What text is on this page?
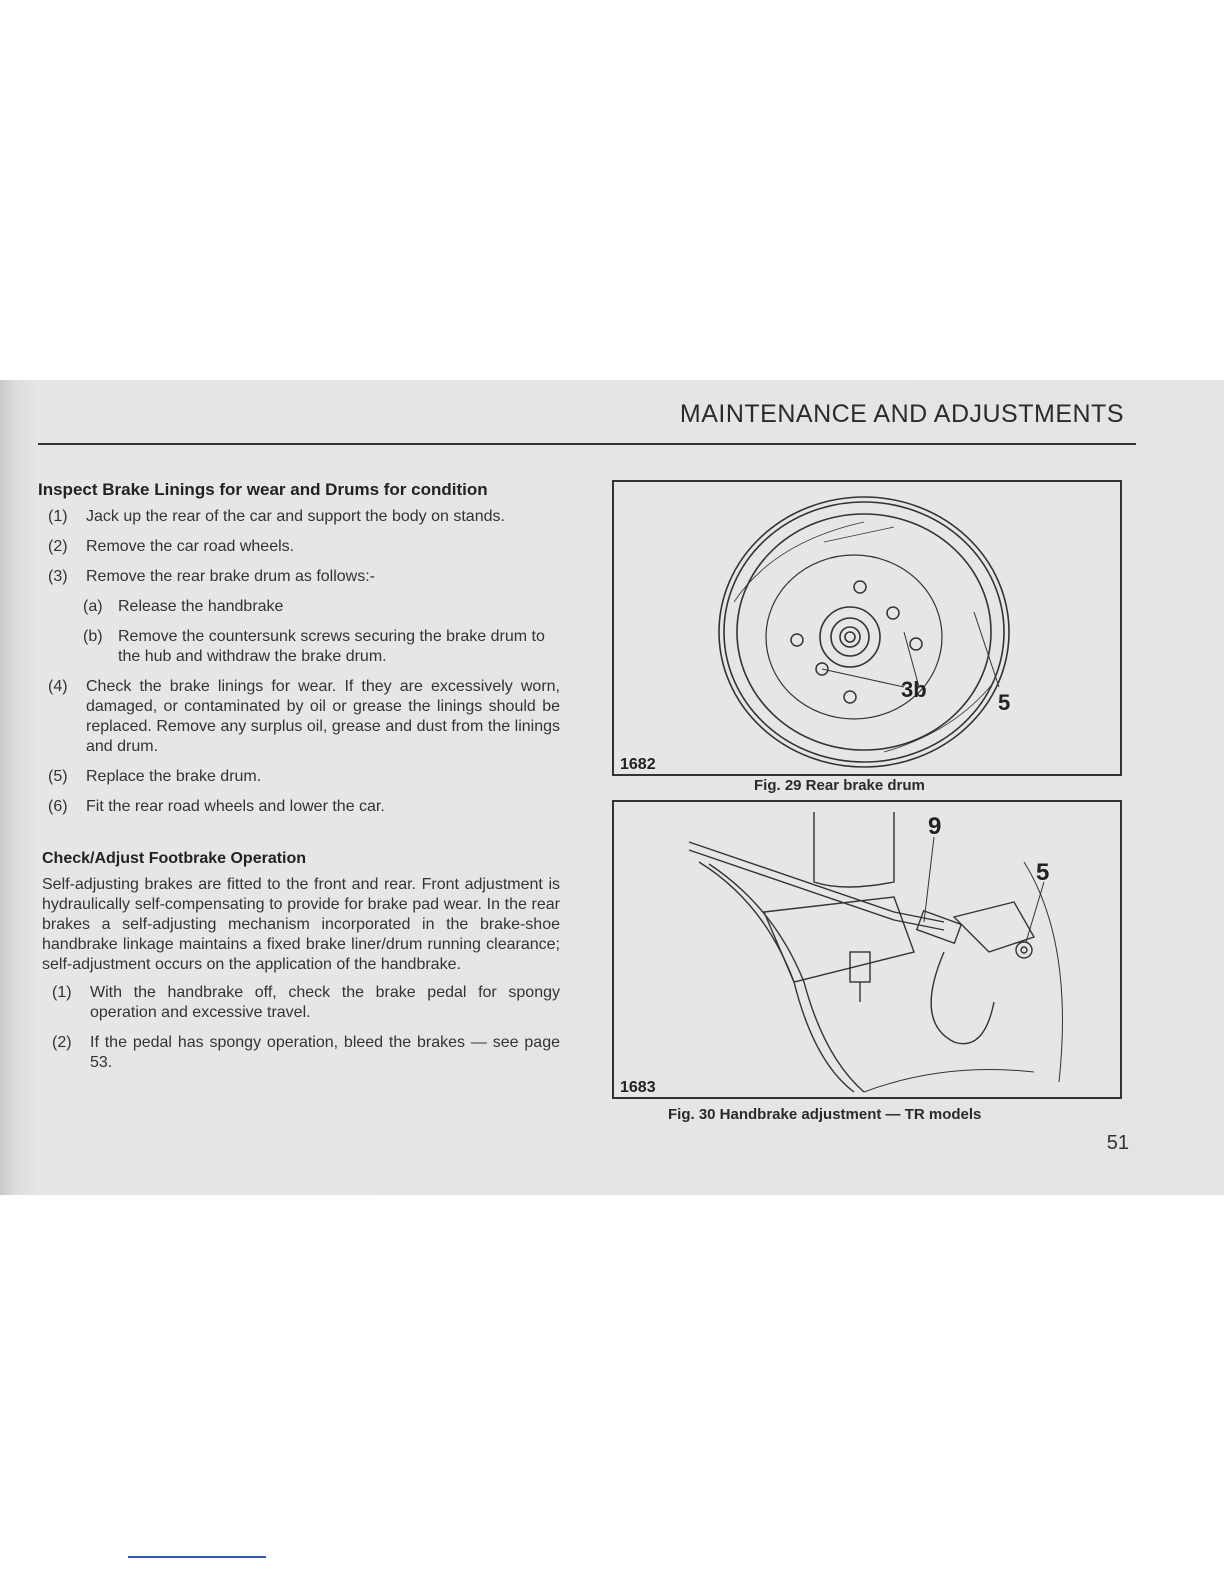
MAINTENANCE AND ADJUSTMENTS
Inspect Brake Linings for wear and Drums for condition
(1) Jack up the rear of the car and support the body on stands.
(2) Remove the car road wheels.
(3) Remove the rear brake drum as follows:-
(a) Release the handbrake
(b) Remove the countersunk screws securing the brake drum to the hub and withdraw the brake drum.
(4) Check the brake linings for wear. If they are excessively worn, damaged, or contaminated by oil or grease the linings should be replaced. Remove any surplus oil, grease and dust from the linings and drum.
(5) Replace the brake drum.
(6) Fit the rear road wheels and lower the car.
Check/Adjust Footbrake Operation
Self-adjusting brakes are fitted to the front and rear. Front adjustment is hydraulically self-compensating to provide for brake pad wear. In the rear brakes a self-adjusting mechanism incorporated in the brake-shoe handbrake linkage maintains a fixed brake liner/drum running clearance; self-adjustment occurs on the application of the handbrake.
(1) With the handbrake off, check the brake pedal for spongy operation and excessive travel.
(2) If the pedal has spongy operation, bleed the brakes — see page 53.
3b
5
1682
Fig. 29 Rear brake drum
9
5
1683
Fig. 30 Handbrake adjustment — TR models
51
